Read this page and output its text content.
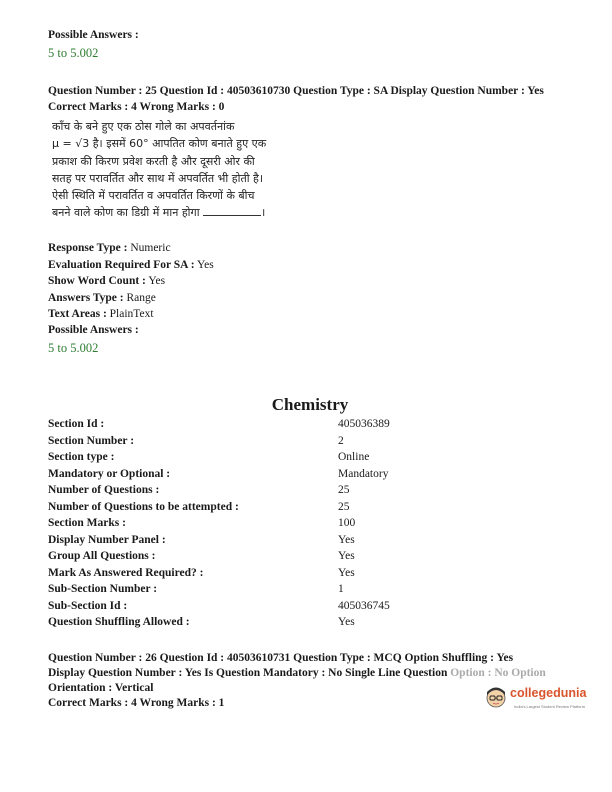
Possible Answers :
5 to 5.002
Question Number : 25 Question Id : 40503610730 Question Type : SA Display Question Number : Yes
Correct Marks : 4 Wrong Marks : 0
काँच के बने हुए एक ठोस गोले का अपवर्तनांक
μ = √3 है। इसमें 60° आपतित कोण बनाते हुए एक
प्रकाश की किरण प्रवेश करती है और दूसरी ओर की
सतह पर परावर्तित और साथ में अपवर्तित भी होती है।
ऐसी स्थिति में परावर्तित व अपवर्तित किरणों के बीच
बनने वाले कोण का डिग्री में मान होगा	।
Response Type : Numeric
Evaluation Required For SA : Yes
Show Word Count : Yes
Answers Type : Range
Text Areas : PlainText
Possible Answers :
5 to 5.002
Chemistry
Section Id :	405036389
Section Number :	2
Section type :	Online
Mandatory or Optional :	Mandatory
Number of Questions :	25
Number of Questions to be attempted :	25
Section Marks :	100
Display Number Panel :	Yes
Group All Questions :	Yes
Mark As Answered Required? :	Yes
Sub-Section Number :	1
Sub-Section Id :	405036745
Question Shuffling Allowed :	Yes
Question Number : 26 Question Id : 40503610731 Question Type : MCQ Option Shuffling : Yes
Display Question Number : Yes Is Question Mandatory : No Single Line Question Option : No Option
Orientation : Vertical
Correct Marks : 4 Wrong Marks : 1
collegedunia
India's Largest Student Review Platform
